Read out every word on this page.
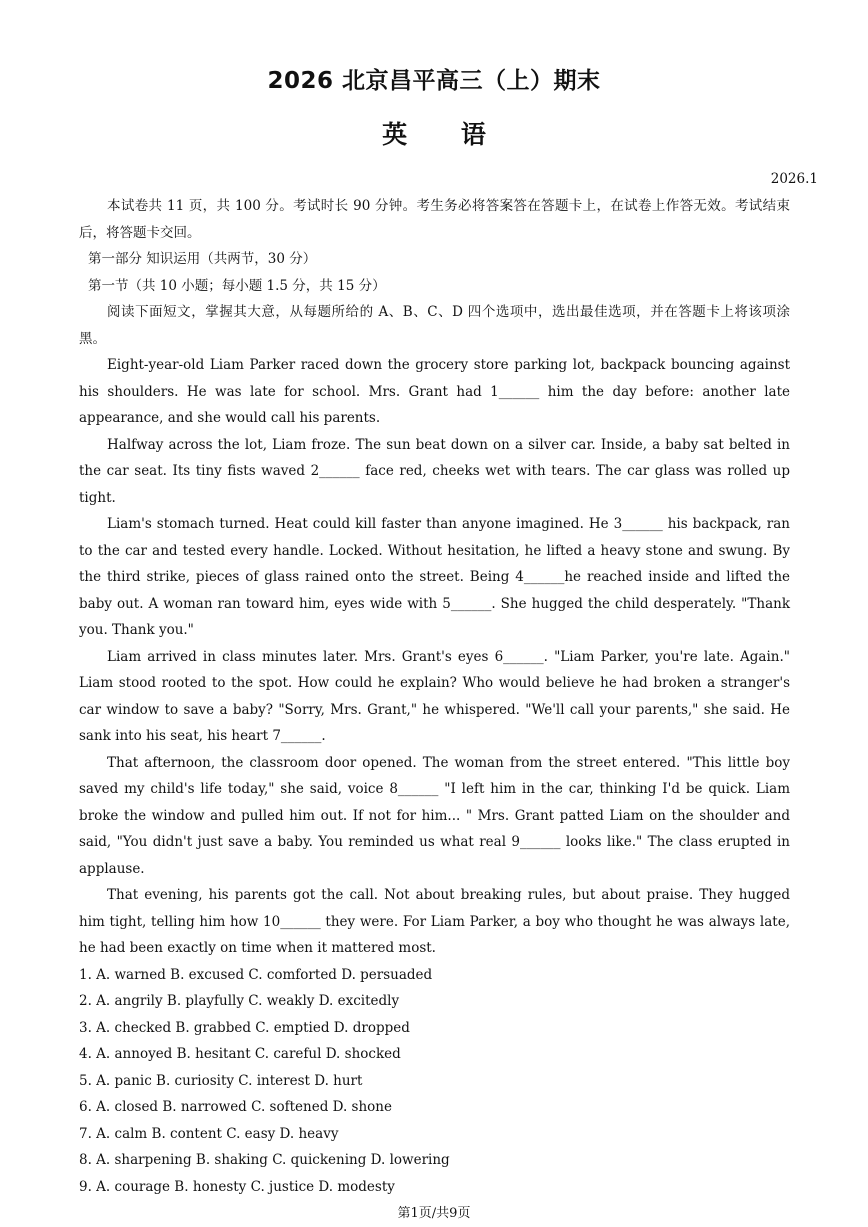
2026 北京昌平高三（上）期末
英 语
2026.1

本试卷共 11 页，共 100 分。考试时长 90 分钟。考生务必将答案答在答题卡上，在试卷上作答无效。考试结束后，将答题卡交回。

第一部分 知识运用（共两节，30 分）

第一节（共 10 小题；每小题 1.5 分，共 15 分）

阅读下面短文，掌握其大意，从每题所给的 A、B、C、D 四个选项中，选出最佳选项，并在答题卡上将该项涂黑。

Eight-year-old Liam Parker raced down the grocery store parking lot, backpack bouncing against his shoulders. He was late for school. Mrs. Grant had 1______ him the day before: another late appearance, and she would call his parents.

Halfway across the lot, Liam froze. The sun beat down on a silver car. Inside, a baby sat belted in the car seat. Its tiny fists waved 2______ face red, cheeks wet with tears. The car glass was rolled up tight.

Liam's stomach turned. Heat could kill faster than anyone imagined. He 3______ his backpack, ran to the car and tested every handle. Locked. Without hesitation, he lifted a heavy stone and swung. By the third strike, pieces of glass rained onto the street. Being 4______he reached inside and lifted the baby out. A woman ran toward him, eyes wide with 5______. She hugged the child desperately. "Thank you. Thank you."

Liam arrived in class minutes later. Mrs. Grant's eyes 6______. "Liam Parker, you're late. Again." Liam stood rooted to the spot. How could he explain? Who would believe he had broken a stranger's car window to save a baby? "Sorry, Mrs. Grant," he whispered. "We'll call your parents," she said. He sank into his seat, his heart 7______.

That afternoon, the classroom door opened. The woman from the street entered. "This little boy saved my child's life today," she said, voice 8______ "I left him in the car, thinking I'd be quick. Liam broke the window and pulled him out. If not for him... " Mrs. Grant patted Liam on the shoulder and said, "You didn't just save a baby. You reminded us what real 9______ looks like." The class erupted in applause.

That evening, his parents got the call. Not about breaking rules, but about praise. They hugged him tight, telling him how 10______ they were. For Liam Parker, a boy who thought he was always late, he had been exactly on time when it mattered most.

1. A. warned B. excused C. comforted D. persuaded

2. A. angrily B. playfully C. weakly D. excitedly

3. A. checked B. grabbed C. emptied D. dropped

4. A. annoyed B. hesitant C. careful D. shocked

5. A. panic B. curiosity C. interest D. hurt

6. A. closed B. narrowed C. softened D. shone

7. A. calm B. content C. easy D. heavy

8. A. sharpening B. shaking C. quickening D. lowering

9. A. courage B. honesty C. justice D. modesty

第1页/共9页
